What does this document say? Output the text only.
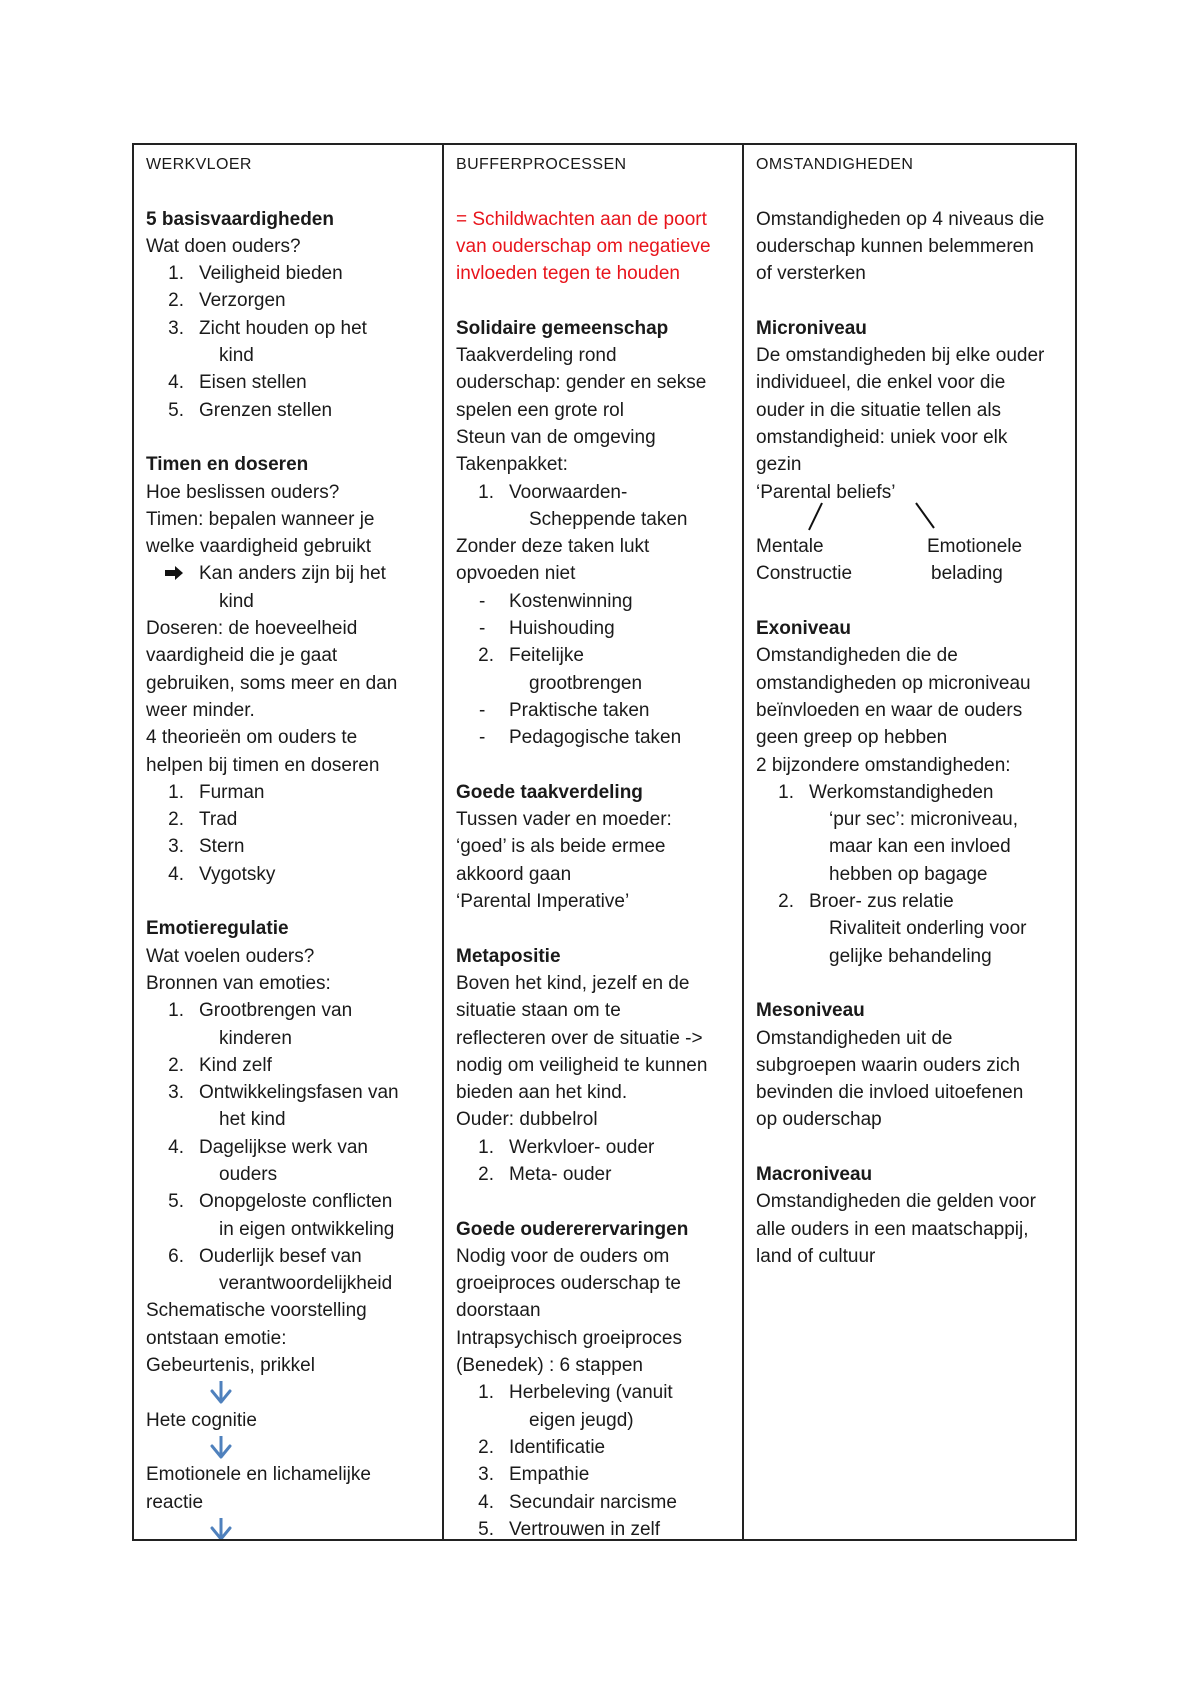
WERKVLOER
5 basisvaardigheden
Wat doen ouders?
1. Veiligheid bieden
2. Verzorgen
3. Zicht houden op het
kind
4. Eisen stellen
5. Grenzen stellen
Timen en doseren
Hoe beslissen ouders?
Timen: bepalen wanneer je
welke vaardigheid gebruikt
Kan anders zijn bij het
kind
Doseren: de hoeveelheid
vaardigheid die je gaat
gebruiken, soms meer en dan
weer minder.
4 theorieën om ouders te
helpen bij timen en doseren
1. Furman
2. Trad
3. Stern
4. Vygotsky
Emotieregulatie
Wat voelen ouders?
Bronnen van emoties:
1. Grootbrengen van
kinderen
2. Kind zelf
3. Ontwikkelingsfasen van
het kind
4. Dagelijkse werk van
ouders
5. Onopgeloste conflicten
in eigen ontwikkeling
6. Ouderlijk besef van
verantwoordelijkheid
Schematische voorstelling
ontstaan emotie:
Gebeurtenis, prikkel
Hete cognitie
Emotionele en lichamelijke
reactie
BUFFERPROCESSEN
= Schildwachten aan de poort
van ouderschap om negatieve
invloeden tegen te houden
Solidaire gemeenschap
Taakverdeling rond
ouderschap: gender en sekse
spelen een grote rol
Steun van de omgeving
Takenpakket:
1. Voorwaarden-
Scheppende taken
Zonder deze taken lukt
opvoeden niet
-	Kostenwinning
-	Huishouding
2. Feitelijke
grootbrengen
-	Praktische taken
-	Pedagogische taken
Goede taakverdeling
Tussen vader en moeder:
‘goed’ is als beide ermee
akkoord gaan
‘Parental Imperative’
Metapositie
Boven het kind, jezelf en de
situatie staan om te
reflecteren over de situatie ->
nodig om veiligheid te kunnen
bieden aan het kind.
Ouder: dubbelrol
1. Werkvloer- ouder
2. Meta- ouder
Goede oudererervaringen
Nodig voor de ouders om
groeiproces ouderschap te
doorstaan
Intrapsychisch groeiproces
(Benedek) : 6 stappen
1. Herbeleving (vanuit
eigen jeugd)
2. Identificatie
3. Empathie
4. Secundair narcisme
5. Vertrouwen in zelf
OMSTANDIGHEDEN
Omstandigheden op 4 niveaus die
ouderschap kunnen belemmeren
of versterken
Microniveau
De omstandigheden bij elke ouder
individueel, die enkel voor die
ouder in die situatie tellen als
omstandigheid: uniek voor elk
gezin
‘Parental beliefs’
Mentale	Emotionele
Constructie	belading
Exoniveau
Omstandigheden die de
omstandigheden op microniveau
beïnvloeden en waar de ouders
geen greep op hebben
2 bijzondere omstandigheden:
1. Werkomstandigheden
‘pur sec’: microniveau,
maar kan een invloed
hebben op bagage
2. Broer- zus relatie
Rivaliteit onderling voor
gelijke behandeling
Mesoniveau
Omstandigheden uit de
subgroepen waarin ouders zich
bevinden die invloed uitoefenen
op ouderschap
Macroniveau
Omstandigheden die gelden voor
alle ouders in een maatschappij,
land of cultuur
